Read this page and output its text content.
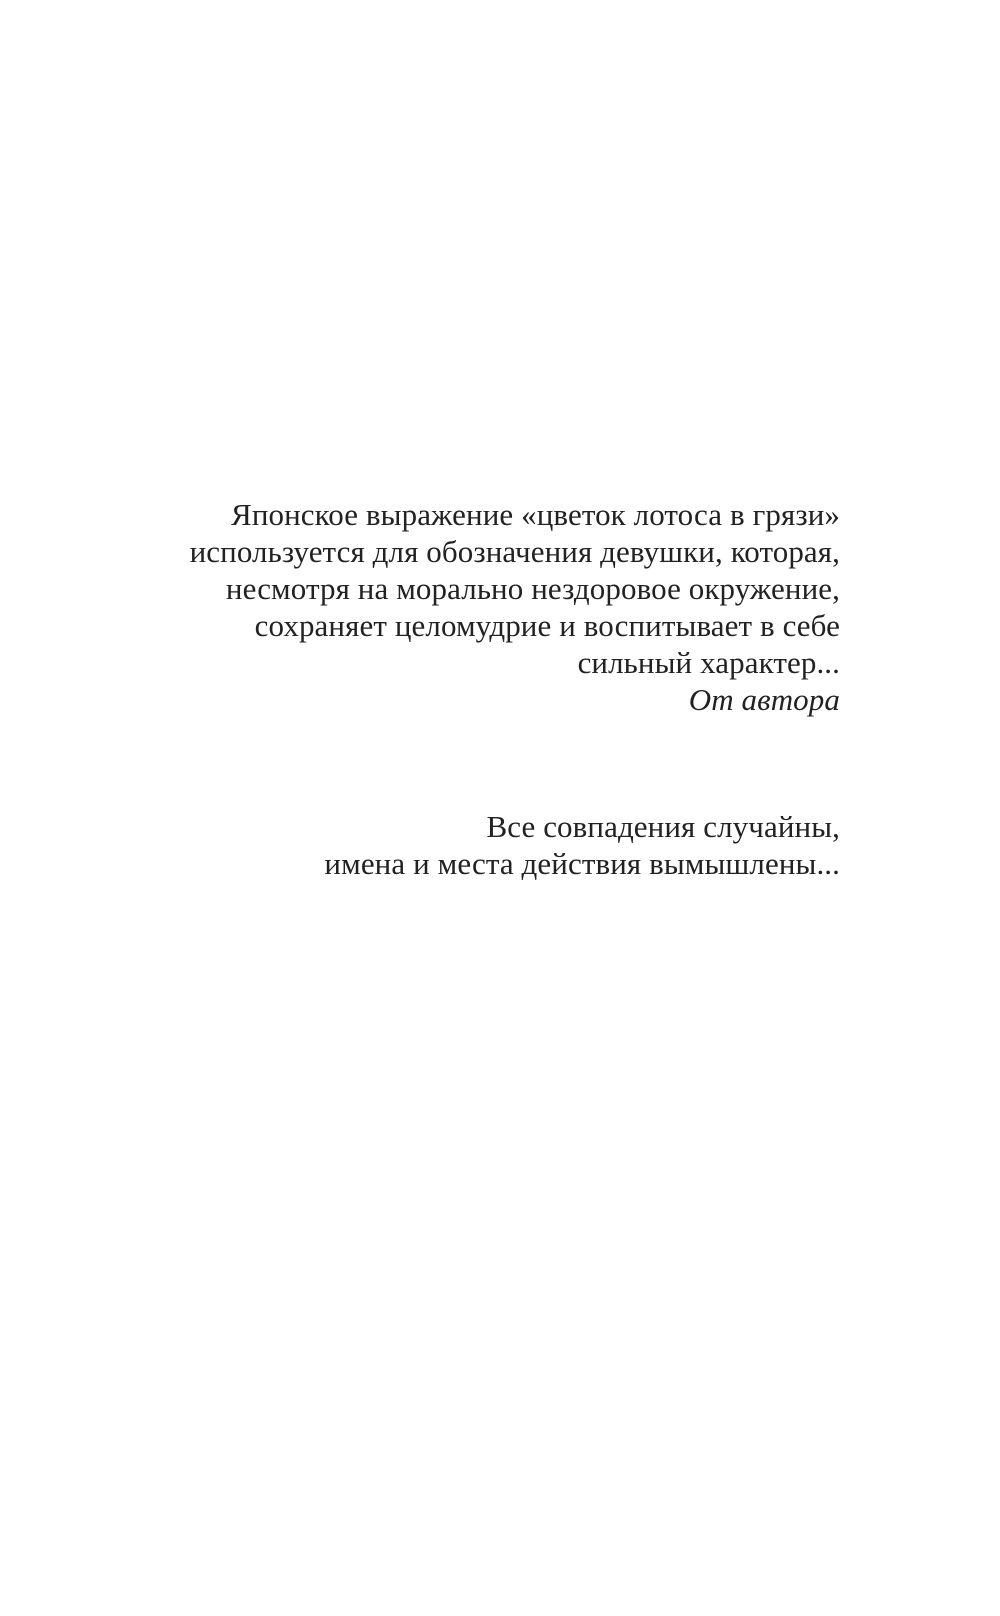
Японское выражение «цветок лотоса в грязи»
используется для обозначения девушки, которая,
несмотря на морально нездоровое окружение,
сохраняет целомудрие и воспитывает в себе
сильный характер...
От автора
Все совпадения случайны,
имена и места действия вымышлены...
